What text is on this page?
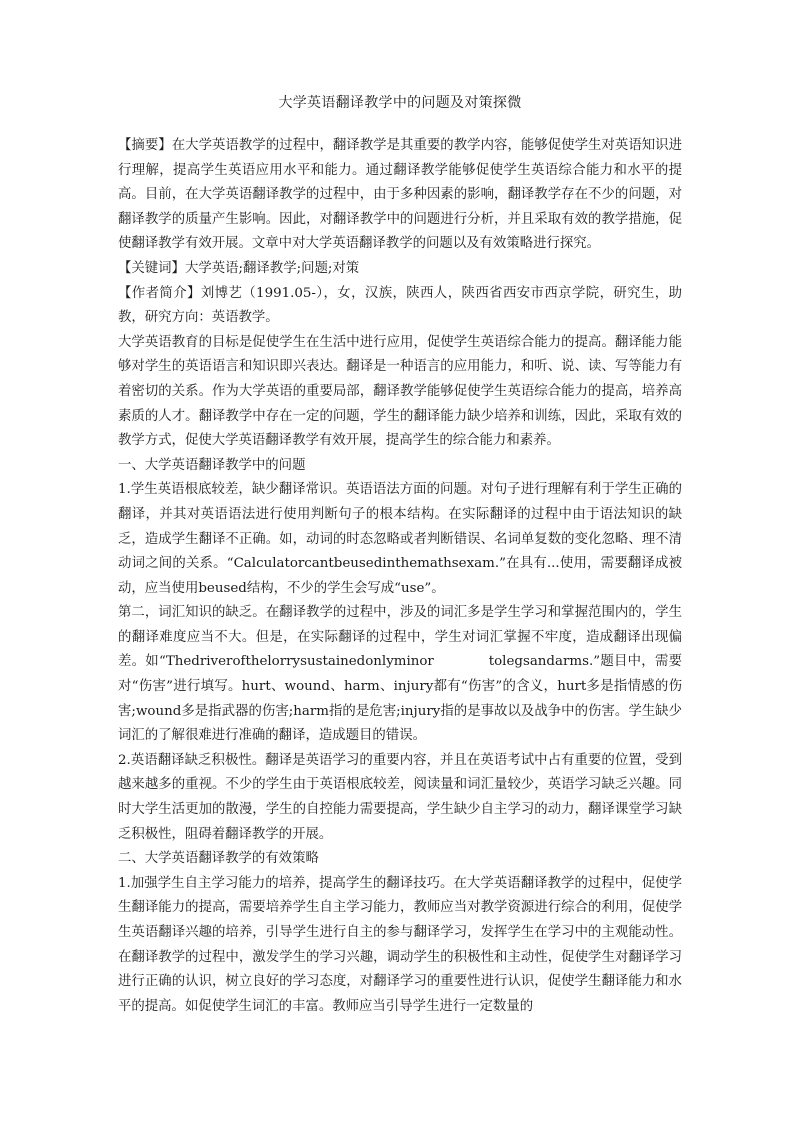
大学英语翻译教学中的问题及对策探微

【摘要】在大学英语教学的过程中，翻译教学是其重要的教学内容，能够促使学生对英语知识进行理解，提高学生英语应用水平和能力。通过翻译教学能够促使学生英语综合能力和水平的提高。目前，在大学英语翻译教学的过程中，由于多种因素的影响，翻译教学存在不少的问题，对翻译教学的质量产生影响。因此，对翻译教学中的问题进行分析，并且采取有效的教学措施，促使翻译教学有效开展。文章中对大学英语翻译教学的问题以及有效策略进行探究。

【关键词】大学英语;翻译教学;问题;对策

【作者简介】刘博艺（1991.05-），女，汉族，陕西人，陕西省西安市西京学院，研究生，助教，研究方向：英语教学。

大学英语教育的目标是促使学生在生活中进行应用，促使学生英语综合能力的提高。翻译能力能够对学生的英语语言和知识即兴表达。翻译是一种语言的应用能力，和听、说、读、写等能力有着密切的关系。作为大学英语的重要局部，翻译教学能够促使学生英语综合能力的提高，培养高素质的人才。翻译教学中存在一定的问题，学生的翻译能力缺少培养和训练，因此，采取有效的教学方式，促使大学英语翻译教学有效开展，提高学生的综合能力和素养。

一、大学英语翻译教学中的问题

1.学生英语根底较差，缺少翻译常识。英语语法方面的问题。对句子进行理解有利于学生正确的翻译，并其对英语语法进行使用判断句子的根本结构。在实际翻译的过程中由于语法知识的缺乏，造成学生翻译不正确。如，动词的时态忽略或者判断错误、名词单复数的变化忽略、理不清动词之间的关系。“Calculatorcantbeusedinthemathsexam.”在具有...使用，需要翻译成被动，应当使用beused结构，不少的学生会写成“use”。

第二，词汇知识的缺乏。在翻译教学的过程中，涉及的词汇多是学生学习和掌握范围内的，学生的翻译难度应当不大。但是，在实际翻译的过程中，学生对词汇掌握不牢度，造成翻译出现偏差。如“Thedriverofthelorrysustainedonlyminor　　　　tolegsandarms.”题目中，需要对“伤害”进行填写。hurt、wound、harm、injury都有“伤害”的含义，hurt多是指情感的伤害;wound多是指武器的伤害;harm指的是危害;injury指的是事故以及战争中的伤害。学生缺少词汇的了解很难进行准确的翻译，造成题目的错误。

2.英语翻译缺乏积极性。翻译是英语学习的重要内容，并且在英语考试中占有重要的位置，受到越来越多的重视。不少的学生由于英语根底较差，阅读量和词汇量较少，英语学习缺乏兴趣。同时大学生活更加的散漫，学生的自控能力需要提高，学生缺少自主学习的动力，翻译课堂学习缺乏积极性，阻碍着翻译教学的开展。

二、大学英语翻译教学的有效策略

1.加强学生自主学习能力的培养，提高学生的翻译技巧。在大学英语翻译教学的过程中，促使学生翻译能力的提高，需要培养学生自主学习能力，教师应当对教学资源进行综合的利用，促使学生英语翻译兴趣的培养，引导学生进行自主的参与翻译学习，发挥学生在学习中的主观能动性。在翻译教学的过程中，激发学生的学习兴趣，调动学生的积极性和主动性，促使学生对翻译学习进行正确的认识，树立良好的学习态度，对翻译学习的重要性进行认识，促使学生翻译能力和水平的提高。如促使学生词汇的丰富。教师应当引导学生进行一定数量的
